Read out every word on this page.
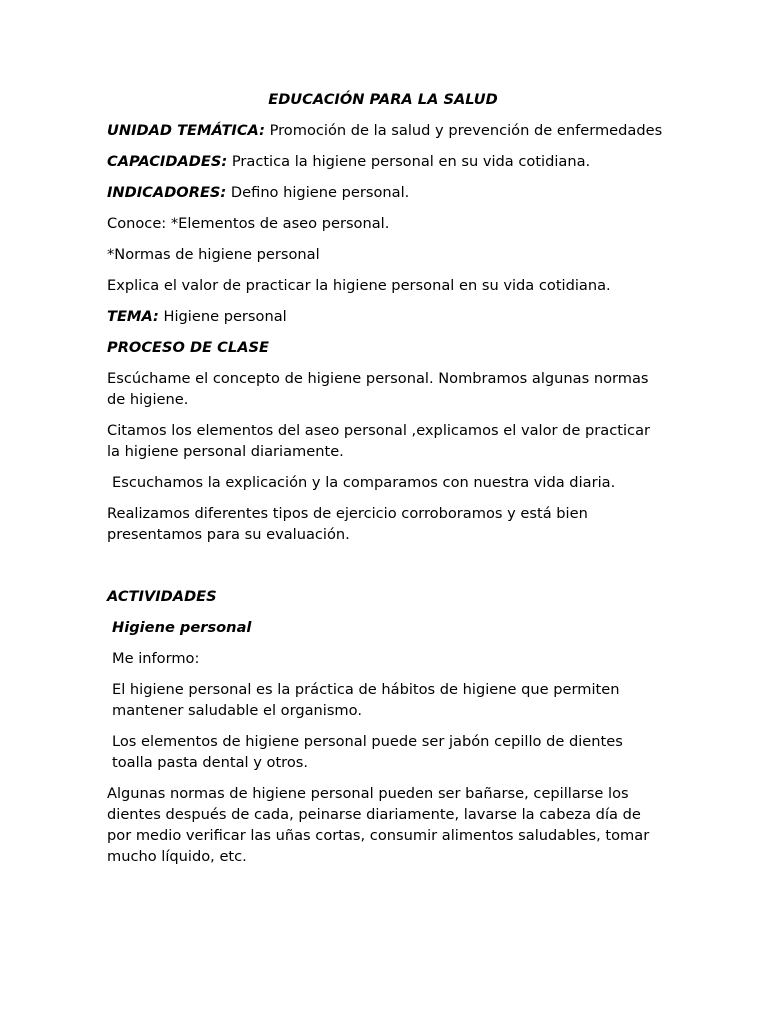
EDUCACIÓN PARA LA SALUD

UNIDAD TEMÁTICA: Promoción de la salud y prevención de enfermedades

CAPACIDADES: Practica la higiene personal en su vida cotidiana.

INDICADORES: Defino higiene personal.

Conoce: *Elementos de aseo personal.

*Normas de higiene personal

Explica el valor de practicar la higiene personal en su vida cotidiana.

TEMA: Higiene personal

PROCESO DE CLASE

Escúchame el concepto de higiene personal. Nombramos algunas normas de higiene.

Citamos los elementos del aseo personal ,explicamos el valor de practicar la higiene personal diariamente.

Escuchamos la explicación y la comparamos con nuestra vida diaria.

Realizamos diferentes tipos de ejercicio corroboramos y está bien presentamos para su evaluación.

ACTIVIDADES

Higiene personal

Me informo:

El higiene personal es la práctica de hábitos de higiene que permiten mantener saludable el organismo.

Los elementos de higiene personal puede ser jabón cepillo de dientes toalla pasta dental y otros.

Algunas normas de higiene personal pueden ser bañarse, cepillarse los dientes después de cada, peinarse diariamente, lavarse la cabeza día de por medio verificar las uñas cortas, consumir alimentos saludables, tomar mucho líquido, etc.
